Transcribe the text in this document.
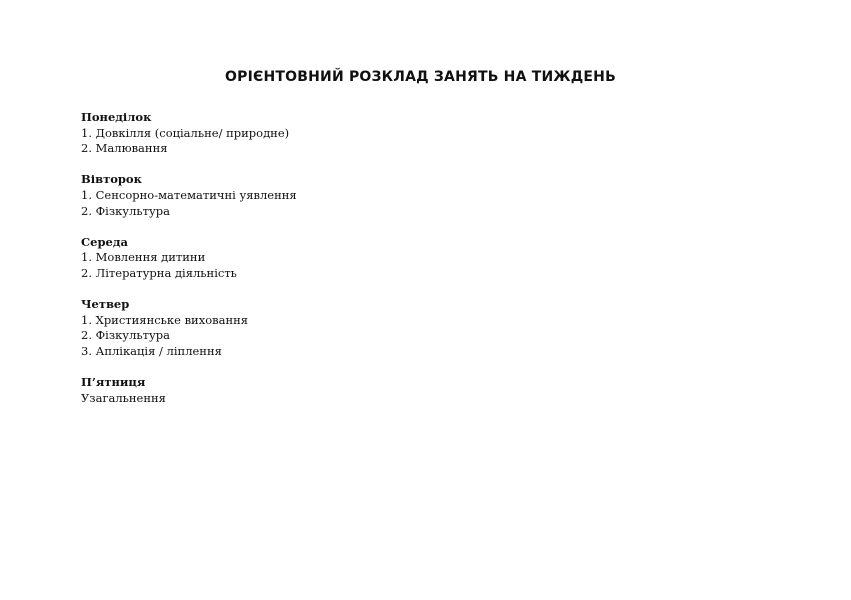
ОРІЄНТОВНИЙ РОЗКЛАД ЗАНЯТЬ НА ТИЖДЕНЬ
Понеділок
1. Довкілля (соціальне/ природне)
2. Малювання
Вівторок
1. Сенсорно-математичні уявлення
2. Фізкультура
Середа
1. Мовлення дитини
2. Літературна діяльність
Четвер
1. Християнське виховання
2. Фізкультура
3. Аплікація / ліплення
П’ятниця
Узагальнення
